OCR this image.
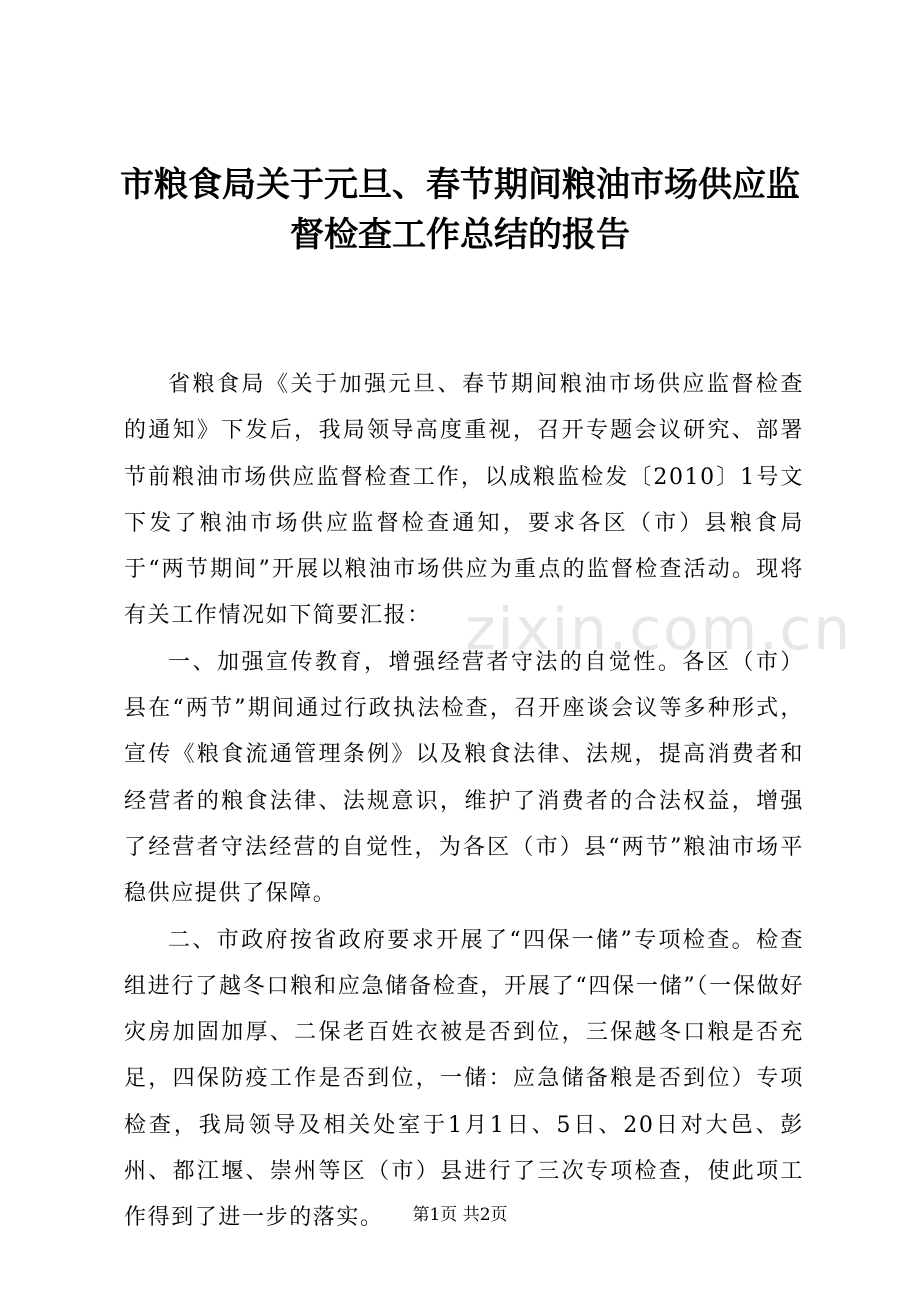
zixin.com.cn
市粮食局关于元旦、春节期间粮油市场供应监督检查工作总结的报告

省粮食局《关于加强元旦、春节期间粮油市场供应监督检查的通知》下发后，我局领导高度重视，召开专题会议研究、部署节前粮油市场供应监督检查工作，以成粮监检发〔2010〕1号文下发了粮油市场供应监督检查通知，要求各区（市）县粮食局于“两节期间”开展以粮油市场供应为重点的监督检查活动。现将有关工作情况如下简要汇报：

一、加强宣传教育，增强经营者守法的自觉性。各区（市）县在“两节”期间通过行政执法检查，召开座谈会议等多种形式，宣传《粮食流通管理条例》以及粮食法律、法规，提高消费者和经营者的粮食法律、法规意识，维护了消费者的合法权益，增强了经营者守法经营的自觉性，为各区（市）县“两节”粮油市场平稳供应提供了保障。

二、市政府按省政府要求开展了“四保一储”专项检查。检查组进行了越冬口粮和应急储备检查，开展了“四保一储”（一保做好灾房加固加厚、二保老百姓衣被是否到位，三保越冬口粮是否充足，四保防疫工作是否到位，一储：应急储备粮是否到位）专项检查，我局领导及相关处室于1月1日、5日、20日对大邑、彭州、都江堰、崇州等区（市）县进行了三次专项检查，使此项工作得到了进一步的落实。	第1页 共2页
